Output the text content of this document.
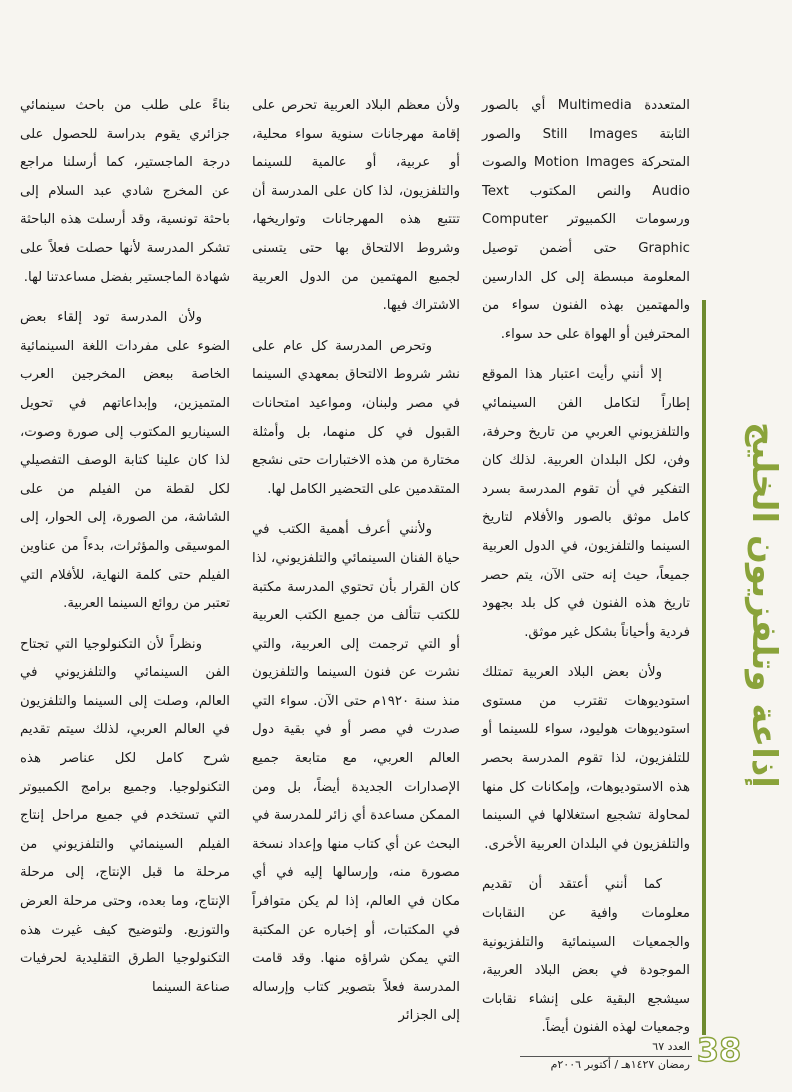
المتعددة Multimedia أي بالصور الثابتة Still Images والصور المتحركة Motion Images والصوت Audio والنص المكتوب Text ورسومات الكمبيوتر Computer Graphic حتى أضمن توصيل المعلومة مبسطة إلى كل الدارسين والمهتمين بهذه الفنون سواء من المحترفين أو الهواة على حد سواء.

إلا أنني رأيت اعتبار هذا الموقع إطاراً لتكامل الفن السينمائي والتلفزيوني العربي من تاريخ وحرفة، وفن، لكل البلدان العربية. لذلك كان التفكير في أن تقوم المدرسة بسرد كامل موثق بالصور والأفلام لتاريخ السينما والتلفزيون، في الدول العربية جميعاً، حيث إنه حتى الآن، يتم حصر تاريخ هذه الفنون في كل بلد بجهود فردية وأحياناً بشكل غير موثق.

ولأن بعض البلاد العربية تمتلك استوديوهات تقترب من مستوى استوديوهات هوليود، سواء للسينما أو للتلفزيون، لذا تقوم المدرسة بحصر هذه الاستوديوهات، وإمكانات كل منها لمحاولة تشجيع استغلالها في السينما والتلفزيون في البلدان العربية الأخرى.

كما أنني أعتقد أن تقديم معلومات وافية عن النقابات والجمعيات السينمائية والتلفزيونية الموجودة في بعض البلاد العربية، سيشجع البقية على إنشاء نقابات وجمعيات لهذه الفنون أيضاً.

ولأن معظم البلاد العربية تحرص على إقامة مهرجانات سنوية سواء محلية، أو عربية، أو عالمية للسينما والتلفزيون، لذا كان على المدرسة أن تتتبع هذه المهرجانات وتواريخها، وشروط الالتحاق بها حتى يتسنى لجميع المهتمين من الدول العربية الاشتراك فيها.

وتحرص المدرسة كل عام على نشر شروط الالتحاق بمعهدي السينما في مصر ولبنان، ومواعيد امتحانات القبول في كل منهما، بل وأمثلة مختارة من هذه الاختبارات حتى نشجع المتقدمين على التحضير الكامل لها.

ولأنني أعرف أهمية الكتب في حياة الفنان السينمائي والتلفزيوني، لذا كان القرار بأن تحتوي المدرسة مكتبة للكتب تتألف من جميع الكتب العربية أو التي ترجمت إلى العربية، والتي نشرت عن فنون السينما والتلفزيون منذ سنة ١٩٢٠م حتى الآن. سواء التي صدرت في مصر أو في بقية دول العالم العربي، مع متابعة جميع الإصدارات الجديدة أيضاً، بل ومن الممكن مساعدة أي زائر للمدرسة في البحث عن أي كتاب منها وإعداد نسخة مصورة منه، وإرسالها إليه في أي مكان في العالم، إذا لم يكن متوافراً في المكتبات، أو إخباره عن المكتبة التي يمكن شراؤه منها. وقد قامت المدرسة فعلاً بتصوير كتاب وإرساله إلى الجزائر

بناءً على طلب من باحث سينمائي جزائري يقوم بدراسة للحصول على درجة الماجستير، كما أرسلنا مراجع عن المخرج شادي عبد السلام إلى باحثة تونسية، وقد أرسلت هذه الباحثة تشكر المدرسة لأنها حصلت فعلاً على شهادة الماجستير بفضل مساعدتنا لها.

ولأن المدرسة تود إلقاء بعض الضوء على مفردات اللغة السينمائية الخاصة ببعض المخرجين العرب المتميزين، وإبداعاتهم في تحويل السيناريو المكتوب إلى صورة وصوت، لذا كان علينا كتابة الوصف التفصيلي لكل لقطة من الفيلم من على الشاشة، من الصورة، إلى الحوار، إلى الموسيقى والمؤثرات، بدءاً من عناوين الفيلم حتى كلمة النهاية، للأفلام التي تعتبر من روائع السينما العربية.

ونظراً لأن التكنولوجيا التي تجتاح الفن السينمائي والتلفزيوني في العالم، وصلت إلى السينما والتلفزيون في العالم العربي، لذلك سيتم تقديم شرح كامل لكل عناصر هذه التكنولوجيا. وجميع برامج الكمبيوتر التي تستخدم في جميع مراحل إنتاج الفيلم السينمائي والتلفزيوني من مرحلة ما قبل الإنتاج، إلى مرحلة الإنتاج، وما بعده، وحتى مرحلة العرض والتوزيع. ولتوضيح كيف غيرت هذه التكنولوجيا الطرق التقليدية لحرفيات صناعة السينما

إذاعة وتلفزيون الخليج
38
العدد ٦٧
رمضان ١٤٢٧هـ / أكتوبر ٢٠٠٦م
